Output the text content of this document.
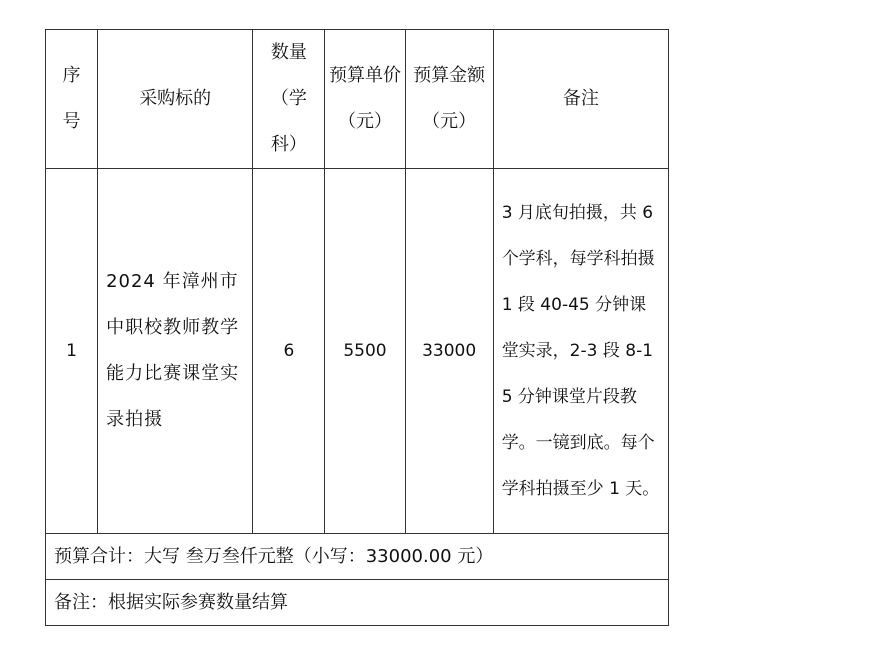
序号	采购标的	数量（学科）	预算单价（元）	预算金额（元）	备注
1	2024 年漳州市中职校教师教学能力比赛课堂实录拍摄	6	5500	33000	3 月底旬拍摄，共 6 个学科，每学科拍摄 1 段 40-45 分钟课堂实录，2-3 段 8-15 分钟课堂片段教学。一镜到底。每个学科拍摄至少 1 天。

预算合计：大写 叁万叁仟元整（小写：33000.00 元）					
备注：根据实际参赛数量结算					
